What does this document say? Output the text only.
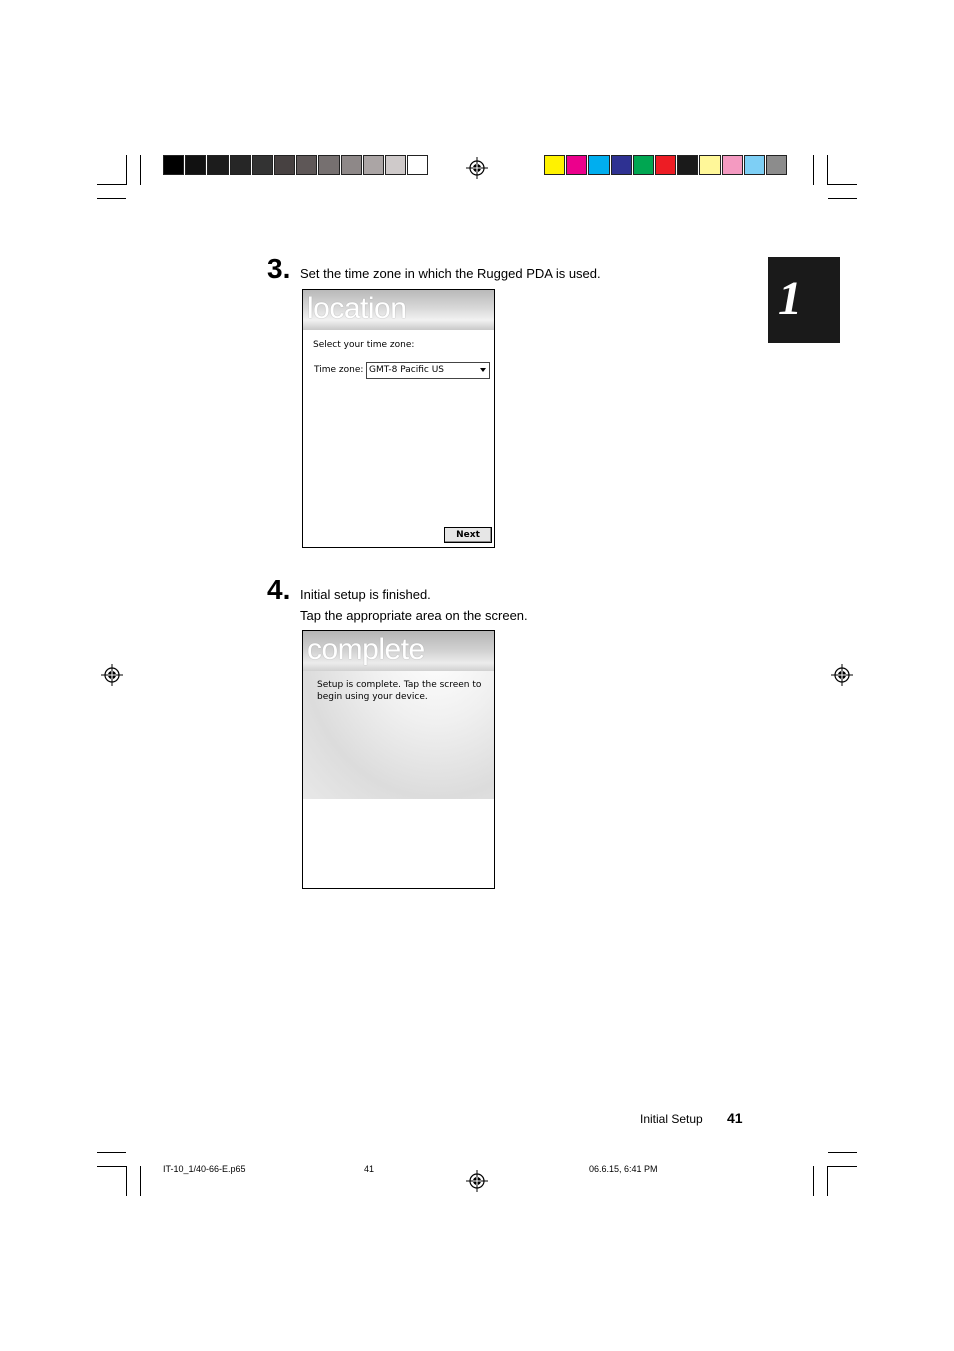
1
3. Set the time zone in which the Rugged PDA is used.
location
Select your time zone:
Time zone: GMT-8 Pacific US
Next
4. Initial setup is finished.
Tap the appropriate area on the screen.
complete
Setup is complete. Tap the screen to
begin using your device.
Initial Setup 41
IT-10_1/40-66-E.p65	41	06.6.15, 6:41 PM
